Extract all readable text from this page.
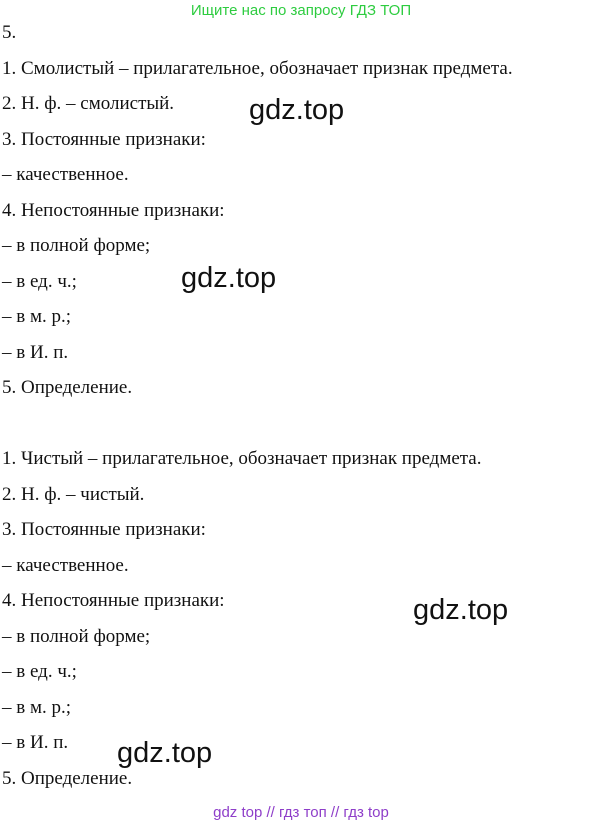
Ищите нас по запросу ГДЗ ТОП
5.
1. Смолистый – прилагательное, обозначает признак предмета.
2. Н. ф. – смолистый.
3. Постоянные признаки:
– качественное.
4. Непостоянные признаки:
– в полной форме;
– в ед. ч.;
– в м. р.;
– в И. п.
5. Определение.
1. Чистый – прилагательное, обозначает признак предмета.
2. Н. ф. – чистый.
3. Постоянные признаки:
– качественное.
4. Непостоянные признаки:
– в полной форме;
– в ед. ч.;
– в м. р.;
– в И. п.
5. Определение.
gdz.top
gdz.top
gdz.top
gdz.top
gdz top // гдз топ // гдз top
